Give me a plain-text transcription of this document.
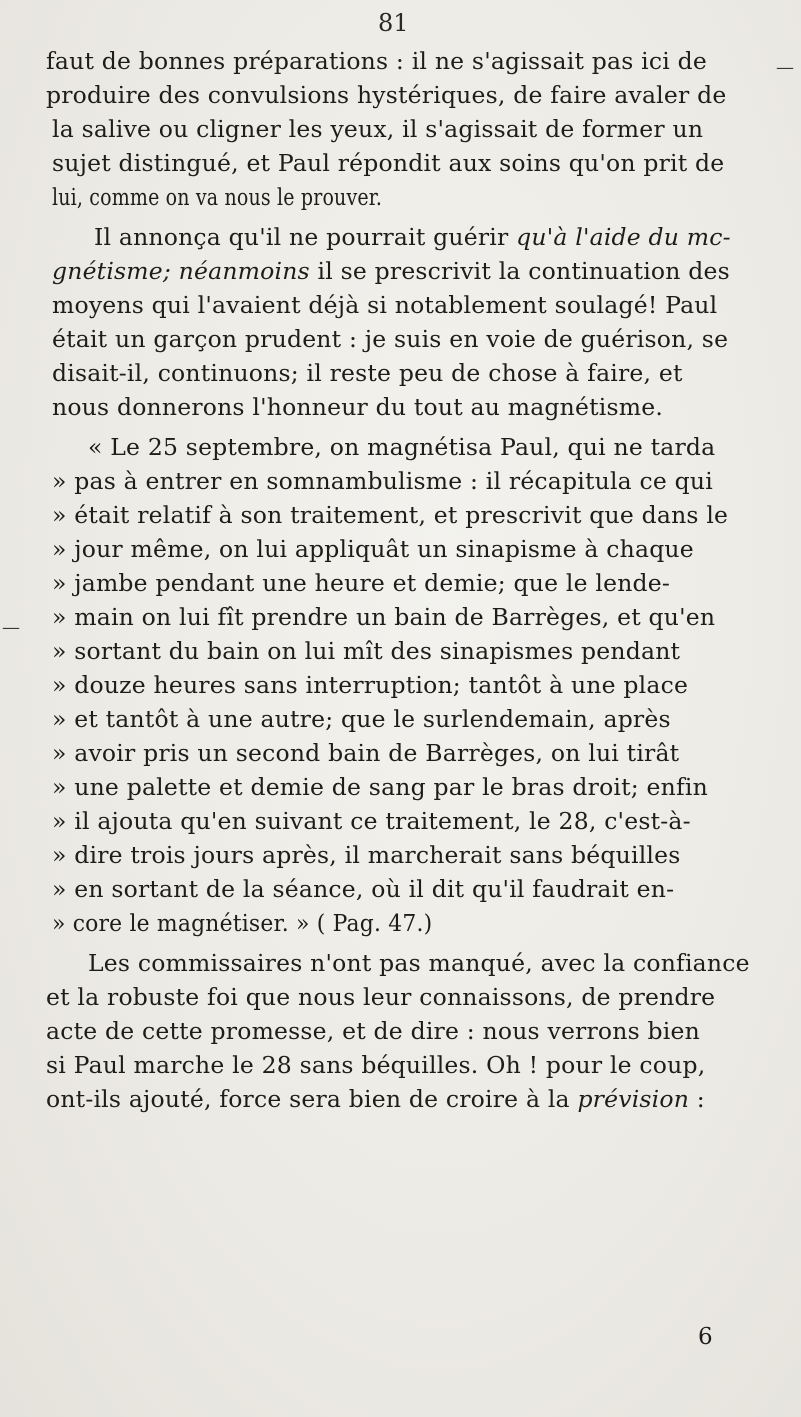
81
—
—
faut de bonnes préparations : il ne s'agissait pas ici de
produire des convulsions hystériques, de faire avaler de
la salive ou cligner les yeux, il s'agissait de former un
sujet distingué, et Paul répondit aux soins qu'on prit de
lui, comme on va nous le prouver.
Il annonça qu'il ne pourrait guérir qu'à l'aide du mc-
gnétisme; néanmoins il se prescrivit la continuation des
moyens qui l'avaient déjà si notablement soulagé! Paul
était un garçon prudent : je suis en voie de guérison, se
disait-il, continuons; il reste peu de chose à faire, et
nous donnerons l'honneur du tout au magnétisme.
« Le 25 septembre, on magnétisa Paul, qui ne tarda
» pas à entrer en somnambulisme : il récapitula ce qui
» était relatif à son traitement, et prescrivit que dans le
» jour même, on lui appliquât un sinapisme à chaque
» jambe pendant une heure et demie; que le lende-
» main on lui fît prendre un bain de Barrèges, et qu'en
» sortant du bain on lui mît des sinapismes pendant
» douze heures sans interruption; tantôt à une place
» et tantôt à une autre; que le surlendemain, après
» avoir pris un second bain de Barrèges, on lui tirât
» une palette et demie de sang par le bras droit; enfin
» il ajouta qu'en suivant ce traitement, le 28, c'est-à-
» dire trois jours après, il marcherait sans béquilles
» en sortant de la séance, où il dit qu'il faudrait en-
» core le magnétiser. » ( Pag. 47.)
Les commissaires n'ont pas manqué, avec la confiance
et la robuste foi que nous leur connaissons, de prendre
acte de cette promesse, et de dire : nous verrons bien
si Paul marche le 28 sans béquilles. Oh ! pour le coup,
ont-ils ajouté, force sera bien de croire à la prévision :
6
